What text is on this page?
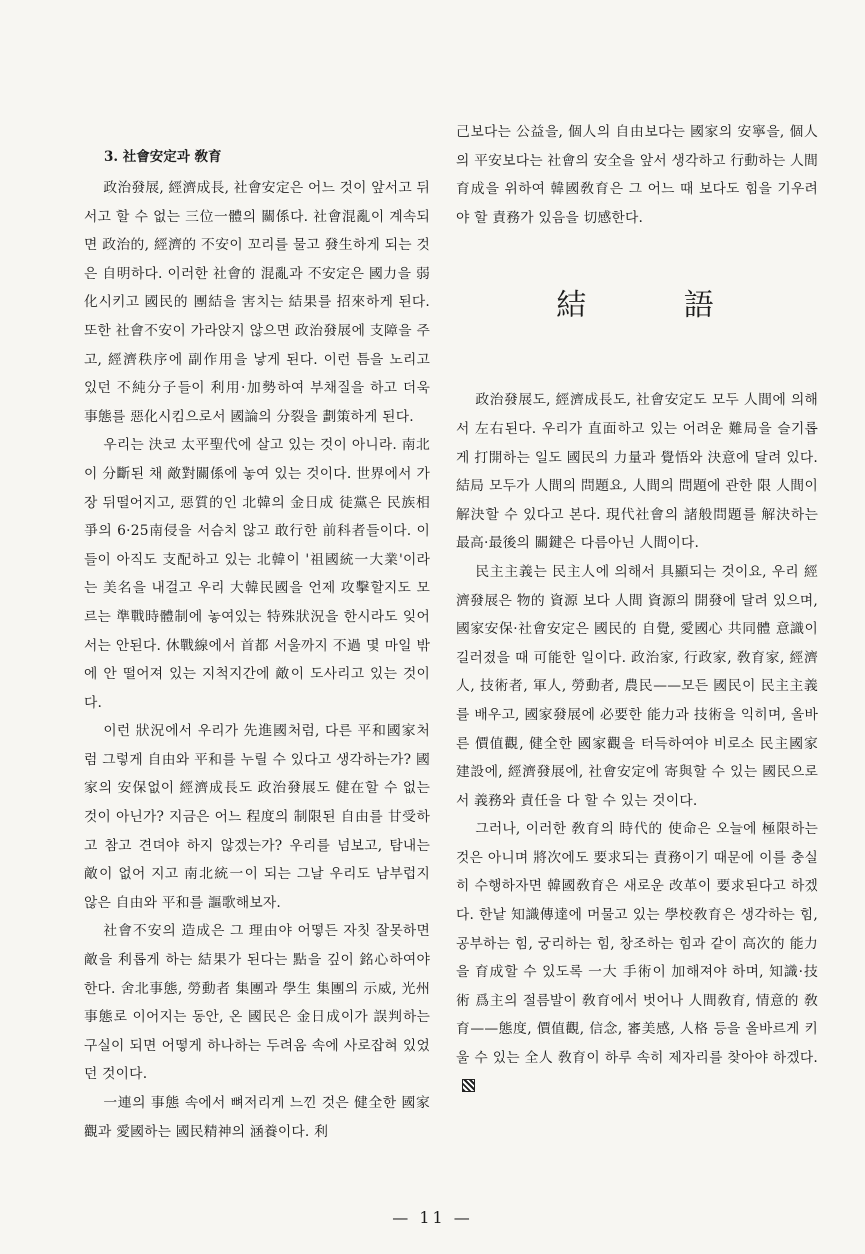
3. 社會安定과 敎育

政治發展, 經濟成長, 社會安定은 어느 것이 앞서고 뒤서고 할 수 없는 三位一體의 關係다. 社會混亂이 계속되면 政治的, 經濟的 不安이 꼬리를 물고 發生하게 되는 것은 自明하다. 이러한 社會的 混亂과 不安定은 國力을 弱化시키고 國民的 團結을 害치는 結果를 招來하게 된다. 또한 社會不安이 가라앉지 않으면 政治發展에 支障을 주고, 經濟秩序에 副作用을 낳게 된다. 이런 틈을 노리고 있던 不純分子들이 利用·加勢하여 부채질을 하고 더욱 事態를 惡化시킴으로서 國論의 分裂을 劃策하게 된다.

우리는 決코 太平聖代에 살고 있는 것이 아니라. 南北이 分斷된 채 敵對關係에 놓여 있는 것이다. 世界에서 가장 뒤떨어지고, 惡質的인 北韓의 金日成 徒黨은 民族相爭의 6·25南侵을 서슴치 않고 敢行한 前科者들이다. 이들이 아직도 支配하고 있는 北韓이 '祖國統一大業'이라는 美名을 내걸고 우리 大韓民國을 언제 攻擊할지도 모르는 準戰時體制에 놓여있는 特殊狀況을 한시라도 잊어서는 안된다. 休戰線에서 首都 서울까지 不過 몇 마일 밖에 안 떨어져 있는 지척지간에 敵이 도사리고 있는 것이다.

이런 狀況에서 우리가 先進國처럼, 다른 平和國家처럼 그렇게 自由와 平和를 누릴 수 있다고 생각하는가? 國家의 安保없이 經濟成長도 政治發展도 健在할 수 없는 것이 아닌가? 지금은 어느 程度의 制限된 自由를 甘受하고 참고 견뎌야 하지 않겠는가? 우리를 넘보고, 탐내는 敵이 없어 지고 南北統一이 되는 그날 우리도 남부럽지 않은 自由와 平和를 謳歌해보자.

社會不安의 造成은 그 理由야 어떻든 자칫 잘못하면 敵을 利롭게 하는 結果가 된다는 點을 깊이 銘心하여야 한다. 舍北事態, 勞動者 集團과 學生 集團의 示威, 光州事態로 이어지는 동안, 온 國民은 金日成이가 誤判하는 구실이 되면 어떻게 하나하는 두려움 속에 사로잡혀 있었던 것이다.

一連의 事態 속에서 뼈저리게 느낀 것은 健全한 國家觀과 愛國하는 國民精神의 涵養이다. 利

己보다는 公益을, 個人의 自由보다는 國家의 安寧을, 個人의 平安보다는 社會의 安全을 앞서 생각하고 行動하는 人間育成을 위하여 韓國敎育은 그 어느 때 보다도 힘을 기우려야 할 責務가 있음을 切感한다.

結 語

政治發展도, 經濟成長도, 社會安定도 모두 人間에 의해서 左右된다. 우리가 直面하고 있는 어려운 難局을 슬기롭게 打開하는 일도 國民의 力量과 覺悟와 決意에 달려 있다. 結局 모두가 人間의 問題요, 人間의 問題에 관한 限 人間이 解決할 수 있다고 본다. 現代社會의 諸般問題를 解決하는 最高·最後의 關鍵은 다름아닌 人間이다.

民主主義는 民主人에 의해서 具顯되는 것이요, 우리 經濟發展은 物的 資源 보다 人間 資源의 開發에 달려 있으며, 國家安保·社會安定은 國民的 自覺, 愛國心 共同體 意識이 길러졌을 때 可能한 일이다. 政治家, 行政家, 敎育家, 經濟人, 技術者, 軍人, 勞動者, 農民——모든 國民이 民主主義를 배우고, 國家發展에 必要한 能力과 技術을 익히며, 올바른 價值觀, 健全한 國家觀을 터득하여야 비로소 民主國家 建設에, 經濟發展에, 社會安定에 寄與할 수 있는 國民으로서 義務와 責任을 다 할 수 있는 것이다.

그러나, 이러한 敎育의 時代的 使命은 오늘에 極限하는 것은 아니며 將次에도 要求되는 責務이기 때문에 이를 충실히 수행하자면 韓國敎育은 새로운 改革이 要求된다고 하겠다. 한낱 知識傳達에 머물고 있는 學校敎育은 생각하는 힘, 공부하는 힘, 궁리하는 힘, 창조하는 힘과 같이 高次的 能力을 育成할 수 있도록 一大 手術이 加해져야 하며, 知識·技術 爲主의 절름발이 敎育에서 벗어나 人間敎育, 情意的 敎育——態度, 價值觀, 信念, 審美感, 人格 등을 올바르게 키울 수 있는 全人 敎育이 하루 속히 제자리를 찾아야 하겠다.

— 11 —
